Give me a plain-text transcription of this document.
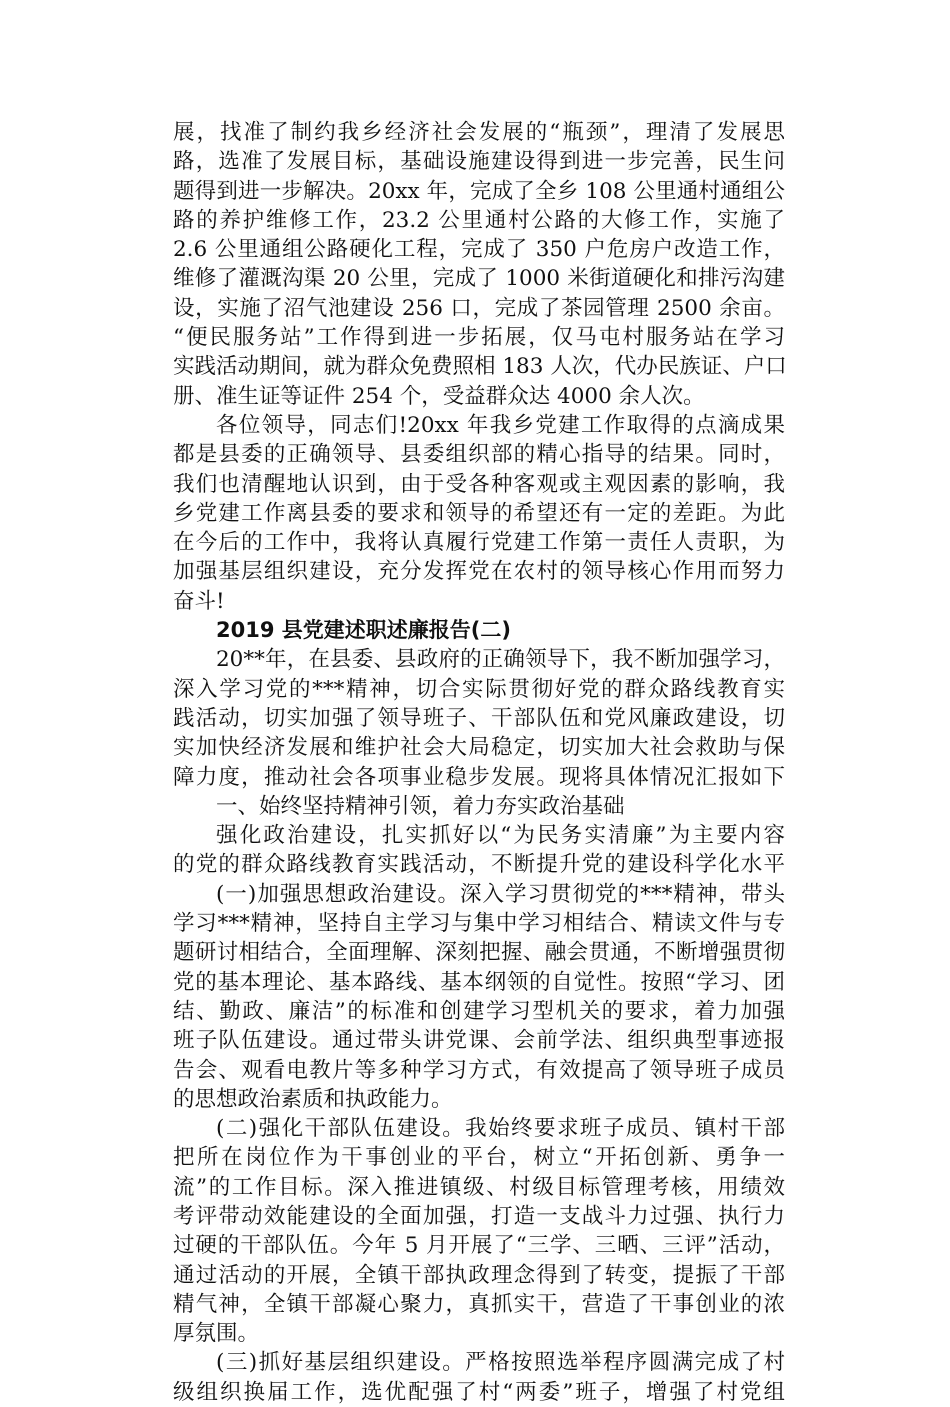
展，找准了制约我乡经济社会发展的“瓶颈”，理清了发展思
路，选准了发展目标，基础设施建设得到进一步完善，民生问
题得到进一步解决。20xx 年，完成了全乡 108 公里通村通组公
路的养护维修工作，23.2 公里通村公路的大修工作，实施了
2.6 公里通组公路硬化工程，完成了 350 户危房户改造工作，
维修了灌溉沟渠 20 公里，完成了 1000 米街道硬化和排污沟建
设，实施了沼气池建设 256 口，完成了茶园管理 2500 余亩。
“便民服务站”工作得到进一步拓展，仅马屯村服务站在学习
实践活动期间，就为群众免费照相 183 人次，代办民族证、户口
册、准生证等证件 254 个，受益群众达 4000 余人次。
各位领导，同志们!20xx 年我乡党建工作取得的点滴成果
都是县委的正确领导、县委组织部的精心指导的结果。同时，
我们也清醒地认识到，由于受各种客观或主观因素的影响，我
乡党建工作离县委的要求和领导的希望还有一定的差距。为此
在今后的工作中，我将认真履行党建工作第一责任人责职，为
加强基层组织建设，充分发挥党在农村的领导核心作用而努力
奋斗!
2019 县党建述职述廉报告(二)
20**年，在县委、县政府的正确领导下，我不断加强学习，
深入学习党的***精神，切合实际贯彻好党的群众路线教育实
践活动，切实加强了领导班子、干部队伍和党风廉政建设，切
实加快经济发展和维护社会大局稳定，切实加大社会救助与保
障力度，推动社会各项事业稳步发展。现将具体情况汇报如下
一、始终坚持精神引领，着力夯实政治基础
强化政治建设，扎实抓好以“为民务实清廉”为主要内容
的党的群众路线教育实践活动，不断提升党的建设科学化水平
(一)加强思想政治建设。深入学习贯彻党的***精神，带头
学习***精神，坚持自主学习与集中学习相结合、精读文件与专
题研讨相结合，全面理解、深刻把握、融会贯通，不断增强贯彻
党的基本理论、基本路线、基本纲领的自觉性。按照“学习、团
结、勤政、廉洁”的标准和创建学习型机关的要求，着力加强
班子队伍建设。通过带头讲党课、会前学法、组织典型事迹报
告会、观看电教片等多种学习方式，有效提高了领导班子成员
的思想政治素质和执政能力。
(二)强化干部队伍建设。我始终要求班子成员、镇村干部
把所在岗位作为干事创业的平台，树立“开拓创新、勇争一
流”的工作目标。深入推进镇级、村级目标管理考核，用绩效
考评带动效能建设的全面加强，打造一支战斗力过强、执行力
过硬的干部队伍。今年 5 月开展了“三学、三晒、三评”活动，
通过活动的开展，全镇干部执政理念得到了转变，提振了干部
精气神，全镇干部凝心聚力，真抓实干，营造了干事创业的浓
厚氛围。
(三)抓好基层组织建设。严格按照选举程序圆满完成了村
级组织换届工作，选优配强了村“两委”班子，增强了村党组
